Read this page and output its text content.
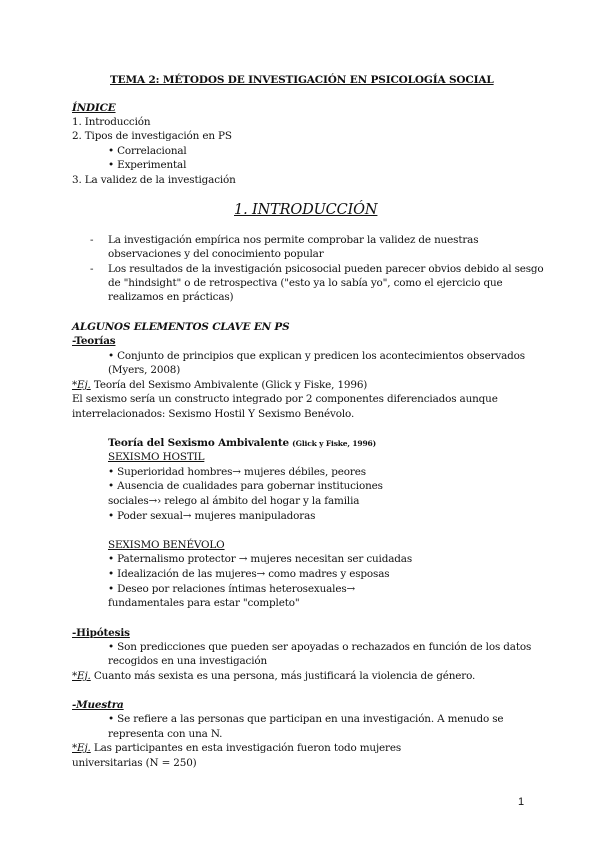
TEMA 2: MÉTODOS DE INVESTIGACIÓN EN PSICOLOGÍA SOCIAL
ÍNDICE
1. Introducción
2. Tipos de investigación en PS
• Correlacional
• Experimental
3. La validez de la investigación
1. INTRODUCCIÓN
- La investigación empírica nos permite comprobar la validez de nuestras
observaciones y del conocimiento popular
- Los resultados de la investigación psicosocial pueden parecer obvios debido al sesgo
de "hindsight" o de retrospectiva ("esto ya lo sabía yo", como el ejercicio que
realizamos en prácticas)
ALGUNOS ELEMENTOS CLAVE EN PS
-Teorías
• Conjunto de principios que explican y predicen los acontecimientos observados
(Myers, 2008)
*Ej. Teoría del Sexismo Ambivalente (Glick y Fiske, 1996)
El sexismo sería un constructo integrado por 2 componentes diferenciados aunque
interrelacionados: Sexismo Hostil Y Sexismo Benévolo.
Teoría del Sexismo Ambivalente (Glick y Fiske, 1996)
SEXISMO HOSTIL
• Superioridad hombres→ mujeres débiles, peores
• Ausencia de cualidades para gobernar instituciones
sociales→› relego al ámbito del hogar y la familia
• Poder sexual→ mujeres manipuladoras
SEXISMO BENÉVOLO
• Paternalismo protector → mujeres necesitan ser cuidadas
• Idealización de las mujeres→ como madres y esposas
• Deseo por relaciones íntimas heterosexuales→
fundamentales para estar "completo"
-Hipótesis
• Son predicciones que pueden ser apoyadas o rechazados en función de los datos
recogidos en una investigación
*Ej. Cuanto más sexista es una persona, más justificará la violencia de género.
-Muestra
• Se refiere a las personas que participan en una investigación. A menudo se
representa con una N.
*Ej. Las participantes en esta investigación fueron todo mujeres
universitarias (N = 250)
1
